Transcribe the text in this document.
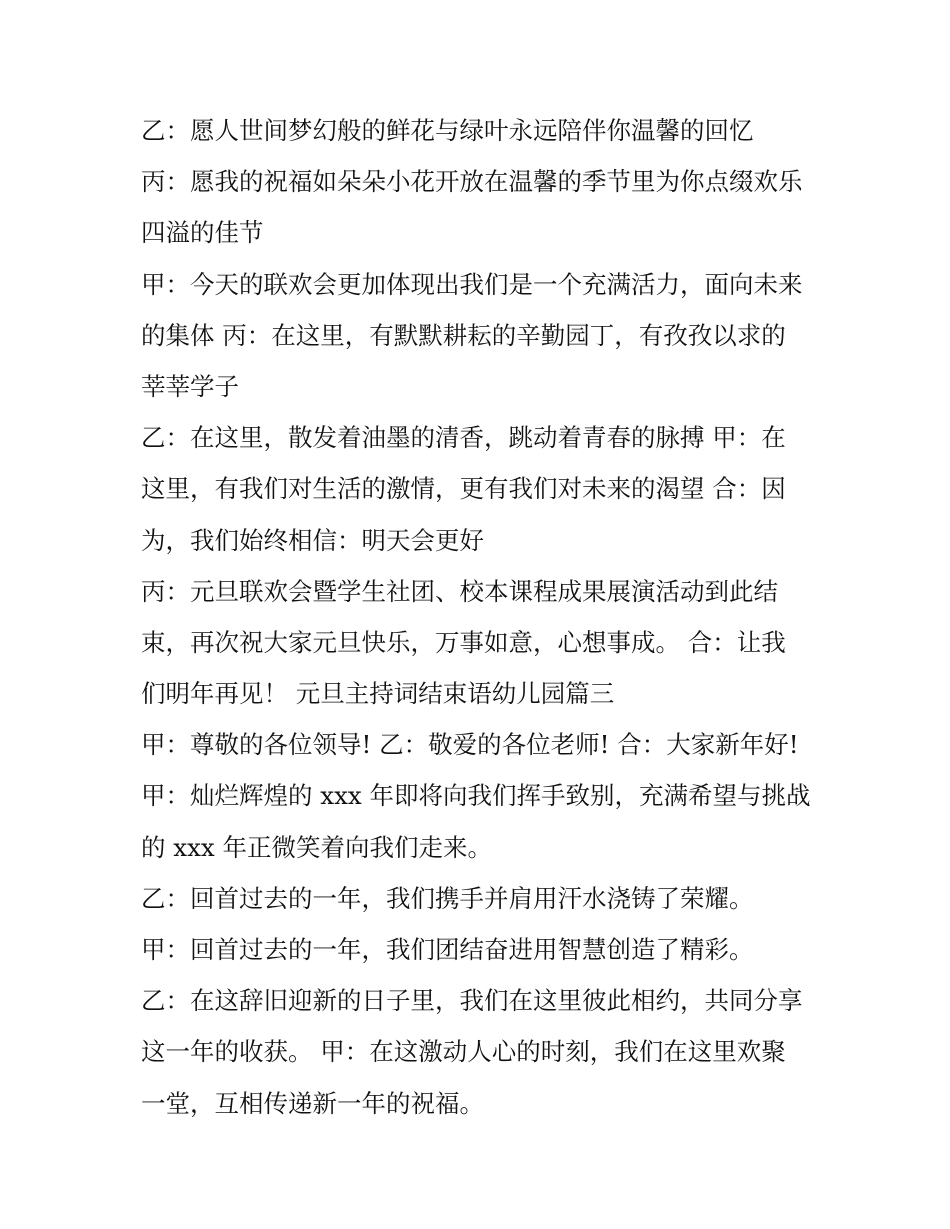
乙：愿人世间梦幻般的鲜花与绿叶永远陪伴你温馨的回忆
丙：愿我的祝福如朵朵小花开放在温馨的季节里为你点缀欢乐
四溢的佳节
甲：今天的联欢会更加体现出我们是一个充满活力，面向未来
的集体 丙：在这里，有默默耕耘的辛勤园丁，有孜孜以求的
莘莘学子
乙：在这里，散发着油墨的清香，跳动着青春的脉搏 甲：在
这里，有我们对生活的激情，更有我们对未来的渴望 合：因
为，我们始终相信：明天会更好
丙：元旦联欢会暨学生社团、校本课程成果展演活动到此结
束，再次祝大家元旦快乐，万事如意，心想事成。 合：让我
们明年再见！ 元旦主持词结束语幼儿园篇三
甲：尊敬的各位领导! 乙：敬爱的各位老师! 合：大家新年好!
甲：灿烂辉煌的 xxx 年即将向我们挥手致别，充满希望与挑战
的 xxx 年正微笑着向我们走来。
乙：回首过去的一年，我们携手并肩用汗水浇铸了荣耀。
甲：回首过去的一年，我们团结奋进用智慧创造了精彩。
乙：在这辞旧迎新的日子里，我们在这里彼此相约，共同分享
这一年的收获。 甲：在这激动人心的时刻，我们在这里欢聚
一堂，互相传递新一年的祝福。
